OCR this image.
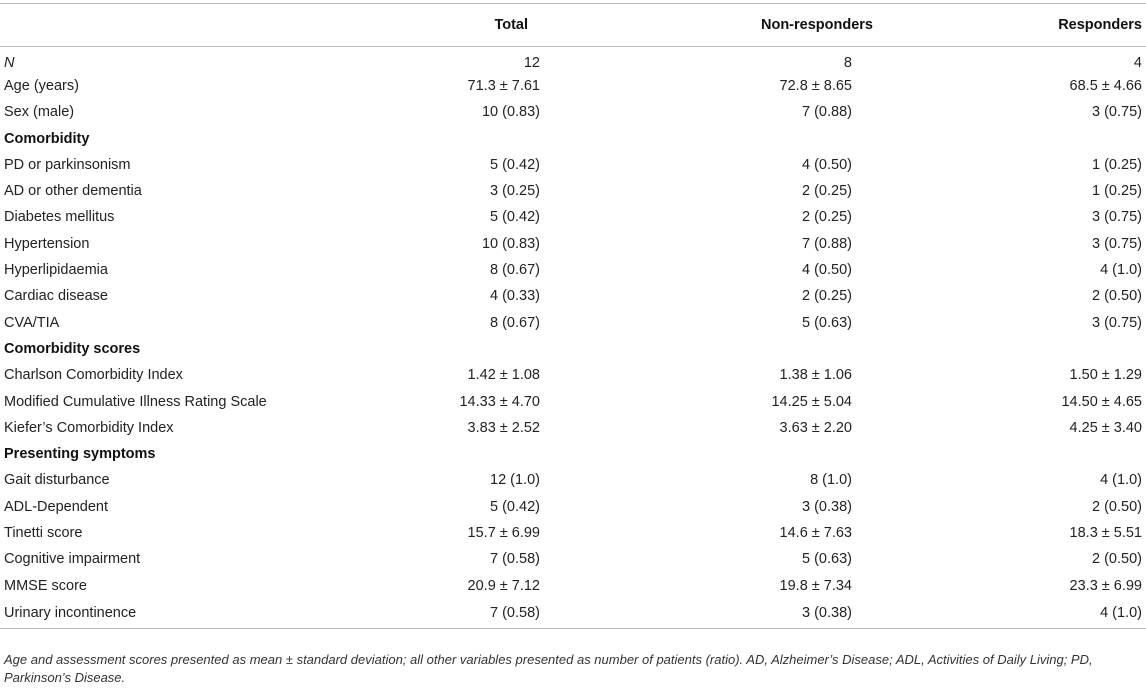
	Total	Non-responders	Responders
N	12	8	4
Age (years)	71.3 ± 7.61	72.8 ± 8.65	68.5 ± 4.66
Sex (male)	10 (0.83)	7 (0.88)	3 (0.75)
Comorbidity			
PD or parkinsonism	5 (0.42)	4 (0.50)	1 (0.25)
AD or other dementia	3 (0.25)	2 (0.25)	1 (0.25)
Diabetes mellitus	5 (0.42)	2 (0.25)	3 (0.75)
Hypertension	10 (0.83)	7 (0.88)	3 (0.75)
Hyperlipidaemia	8 (0.67)	4 (0.50)	4 (1.0)
Cardiac disease	4 (0.33)	2 (0.25)	2 (0.50)
CVA/TIA	8 (0.67)	5 (0.63)	3 (0.75)
Comorbidity scores			
Charlson Comorbidity Index	1.42 ± 1.08	1.38 ± 1.06	1.50 ± 1.29
Modified Cumulative Illness Rating Scale	14.33 ± 4.70	14.25 ± 5.04	14.50 ± 4.65
Kiefer’s Comorbidity Index	3.83 ± 2.52	3.63 ± 2.20	4.25 ± 3.40
Presenting symptoms			
Gait disturbance	12 (1.0)	8 (1.0)	4 (1.0)
ADL-Dependent	5 (0.42)	3 (0.38)	2 (0.50)
Tinetti score	15.7 ± 6.99	14.6 ± 7.63	18.3 ± 5.51
Cognitive impairment	7 (0.58)	5 (0.63)	2 (0.50)
MMSE score	20.9 ± 7.12	19.8 ± 7.34	23.3 ± 6.99
Urinary incontinence	7 (0.58)	3 (0.38)	4 (1.0)
Age and assessment scores presented as mean ± standard deviation; all other variables presented as number of patients (ratio). AD, Alzheimer’s Disease; ADL, Activities of Daily Living; PD, Parkinson’s Disease.
